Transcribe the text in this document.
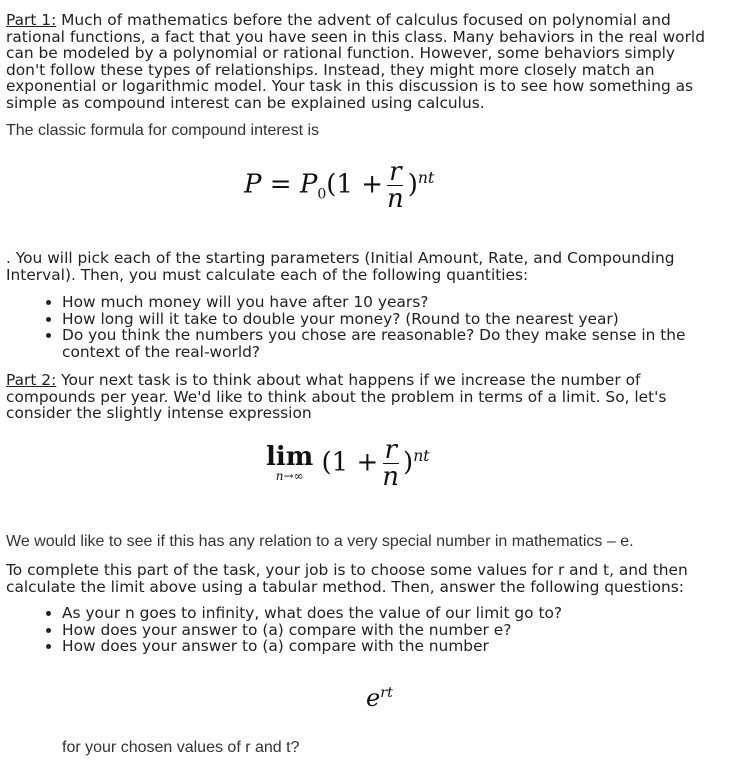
Part 1: Much of mathematics before the advent of calculus focused on polynomial and rational functions, a fact that you have seen in this class. Many behaviors in the real world can be modeled by a polynomial or rational function. However, some behaviors simply don't follow these types of relationships. Instead, they might more closely match an exponential or logarithmic model. Your task in this discussion is to see how something as simple as compound interest can be explained using calculus.

The classic formula for compound interest is

$P = P_0(1 + \frac{r}{n} )^{nt}$

. You will pick each of the starting parameters (Initial Amount, Rate, and Compounding Interval). Then, you must calculate each of the following quantities:

• How much money will you have after 10 years?
• How long will it take to double your money? (Round to the nearest year)
• Do you think the numbers you chose are reasonable? Do they make sense in the context of the real-world?

Part 2: Your next task is to think about what happens if we increase the number of compounds per year. We'd like to think about the problem in terms of a limit. So, let's consider the slightly intense expression

lim
n→∞ $(1 + \frac{r}{n} )^{nt}$

We would like to see if this has any relation to a very special number in mathematics – e.

To complete this part of the task, your job is to choose some values for r and t, and then calculate the limit above using a tabular method. Then, answer the following questions:

• As your n goes to infinity, what does the value of our limit go to?
• How does your answer to (a) compare with the number e?
• How does your answer to (a) compare with the number
$e^{rt}$

for your chosen values of r and t?
